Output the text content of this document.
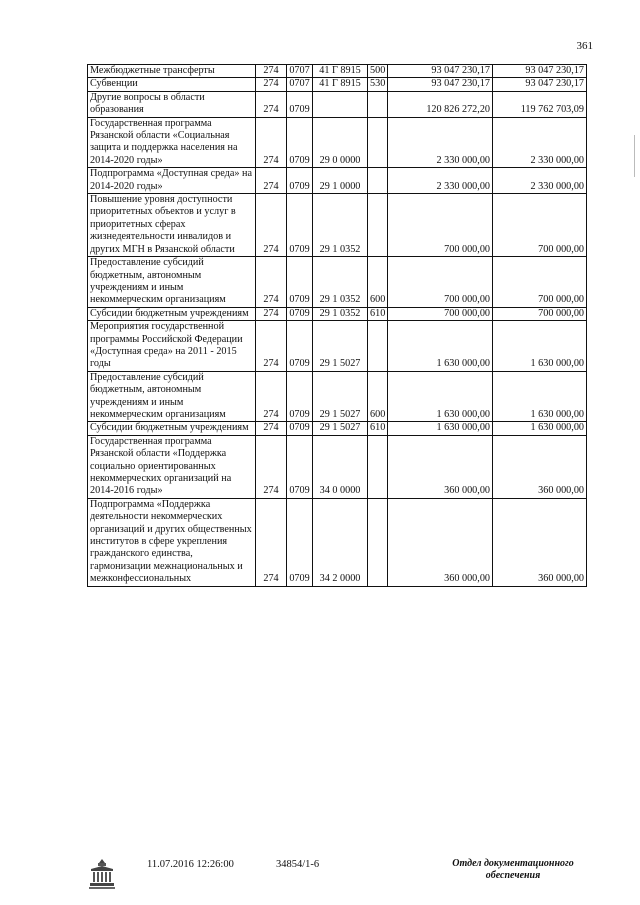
361
Межбюджетные трансферты	274	0707	41 Г 8915	500	93 047 230,17	93 047 230,17
Субвенции	274	0707	41 Г 8915	530	93 047 230,17	93 047 230,17
Другие вопросы в области образования	274	0709			120 826 272,20	119 762 703,09
Государственная программа Рязанской области «Социальная защита и поддержка населения на 2014-2020 годы»	274	0709	29 0 0000		2 330 000,00	2 330 000,00
Подпрограмма «Доступная среда» на 2014-2020 годы»	274	0709	29 1 0000		2 330 000,00	2 330 000,00
Повышение уровня доступности приоритетных объектов и услуг в приоритетных сферах жизнедеятельности инвалидов и других МГН в Рязанской области	274	0709	29 1 0352		700 000,00	700 000,00
Предоставление субсидий бюджетным, автономным учреждениям и иным некоммерческим организациям	274	0709	29 1 0352	600	700 000,00	700 000,00
Субсидии бюджетным учреждениям	274	0709	29 1 0352	610	700 000,00	700 000,00
Мероприятия государственной программы Российской Федерации «Доступная среда» на 2011 - 2015 годы	274	0709	29 1 5027		1 630 000,00	1 630 000,00
Предоставление субсидий бюджетным, автономным учреждениям и иным некоммерческим организациям	274	0709	29 1 5027	600	1 630 000,00	1 630 000,00
Субсидии бюджетным учреждениям	274	0709	29 1 5027	610	1 630 000,00	1 630 000,00
Государственная программа Рязанской области «Поддержка социально ориентированных некоммерческих организаций на 2014-2016 годы»	274	0709	34 0 0000		360 000,00	360 000,00
Подпрограмма «Поддержка деятельности некоммерческих организаций и других общественных институтов в сфере укрепления гражданского единства, гармонизации межнациональных и межконфессиональных	274	0709	34 2 0000		360 000,00	360 000,00
11.07.2016 12:26:00	34854/1-6	Отдел документационного обеспечения
